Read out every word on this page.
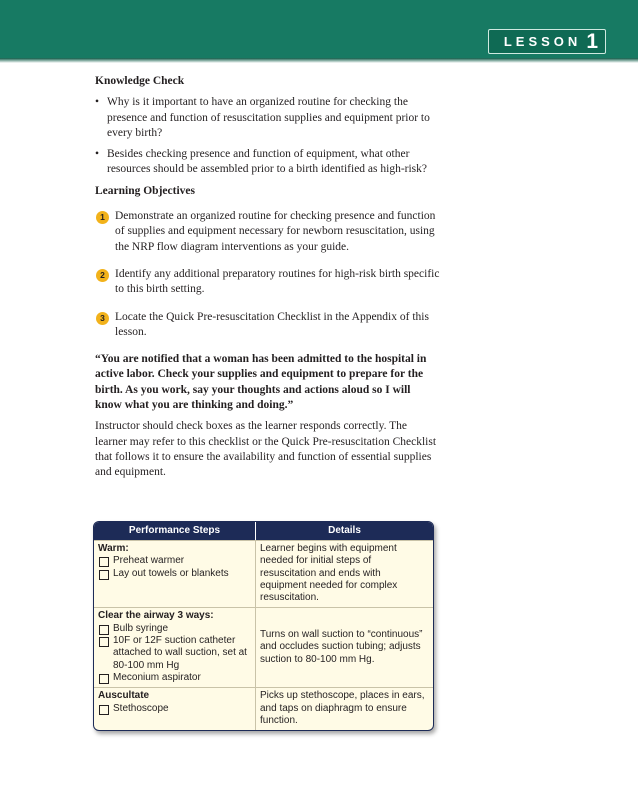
LESSON 1
Knowledge Check
• Why is it important to have an organized routine for checking the presence and function of resuscitation supplies and equipment prior to every birth?
• Besides checking presence and function of equipment, what other resources should be assembled prior to a birth identified as high-risk?
Learning Objectives
1 Demonstrate an organized routine for checking presence and function of supplies and equipment necessary for newborn resuscitation, using the NRP flow diagram interventions as your guide.
2 Identify any additional preparatory routines for high-risk birth specific to this birth setting.
3 Locate the Quick Pre-resuscitation Checklist in the Appendix of this lesson.
“You are notified that a woman has been admitted to the hospital in active labor. Check your supplies and equipment to prepare for the birth. As you work, say your thoughts and actions aloud so I will know what you are thinking and doing.”
Instructor should check boxes as the learner responds correctly. The learner may refer to this checklist or the Quick Pre-resuscitation Checklist that follows it to ensure the availability and function of essential supplies and equipment.
Performance Steps	Details
Warm:
Preheat warmer
Lay out towels or blankets
Learner begins with equipment needed for initial steps of resuscitation and ends with equipment needed for complex resuscitation.
Clear the airway 3 ways:
Bulb syringe
10F or 12F suction catheter attached to wall suction, set at 80-100 mm Hg
Meconium aspirator
Turns on wall suction to “continuous” and occludes suction tubing; adjusts suction to 80-100 mm Hg.
Auscultate
Stethoscope
Picks up stethoscope, places in ears, and taps on diaphragm to ensure function.
